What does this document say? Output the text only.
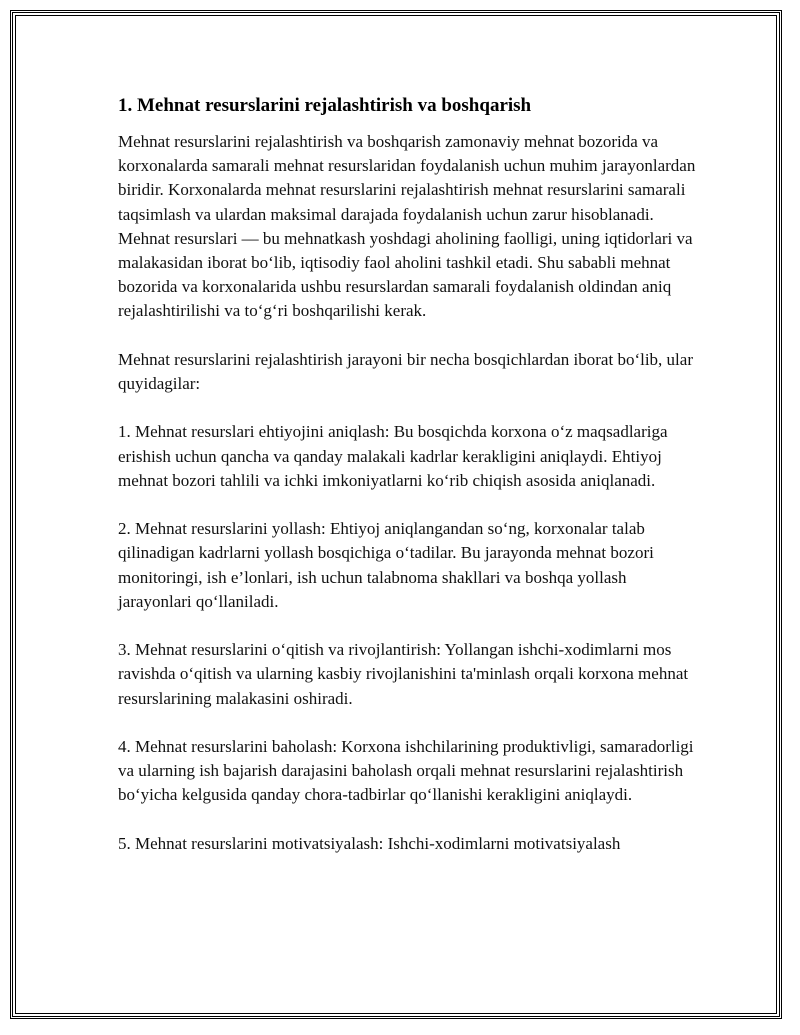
1. Mehnat resurslarini rejalashtirish va boshqarish

Mehnat resurslarini rejalashtirish va boshqarish zamonaviy mehnat bozorida va korxonalarda samarali mehnat resurslaridan foydalanish uchun muhim jarayonlardan biridir. Korxonalarda mehnat resurslarini rejalashtirish mehnat resurslarini samarali taqsimlash va ulardan maksimal darajada foydalanish uchun zarur hisoblanadi. Mehnat resurslari — bu mehnatkash yoshdagi aholining faolligi, uning iqtidorlari va malakasidan iborat bo‘lib, iqtisodiy faol aholini tashkil etadi. Shu sababli mehnat bozorida va korxonalarida ushbu resurslardan samarali foydalanish oldindan aniq rejalashtirilishi va to‘g‘ri boshqarilishi kerak.

Mehnat resurslarini rejalashtirish jarayoni bir necha bosqichlardan iborat bo‘lib, ular quyidagilar:

1. Mehnat resurslari ehtiyojini aniqlash: Bu bosqichda korxona o‘z maqsadlariga erishish uchun qancha va qanday malakali kadrlar kerakligini aniqlaydi. Ehtiyoj mehnat bozori tahlili va ichki imkoniyatlarni ko‘rib chiqish asosida aniqlanadi.

2. Mehnat resurslarini yollash: Ehtiyoj aniqlangandan so‘ng, korxonalar talab qilinadigan kadrlarni yollash bosqichiga o‘tadilar. Bu jarayonda mehnat bozori monitoringi, ish e’lonlari, ish uchun talabnoma shakllari va boshqa yollash jarayonlari qo‘llaniladi.

3. Mehnat resurslarini o‘qitish va rivojlantirish: Yollangan ishchi-xodimlarni mos ravishda o‘qitish va ularning kasbiy rivojlanishini ta'minlash orqali korxona mehnat resurslarining malakasini oshiradi.

4. Mehnat resurslarini baholash: Korxona ishchilarining produktivligi, samaradorligi va ularning ish bajarish darajasini baholash orqali mehnat resurslarini rejalashtirish bo‘yicha kelgusida qanday chora-tadbirlar qo‘llanishi kerakligini aniqlaydi.

5. Mehnat resurslarini motivatsiyalash: Ishchi-xodimlarni motivatsiyalash
